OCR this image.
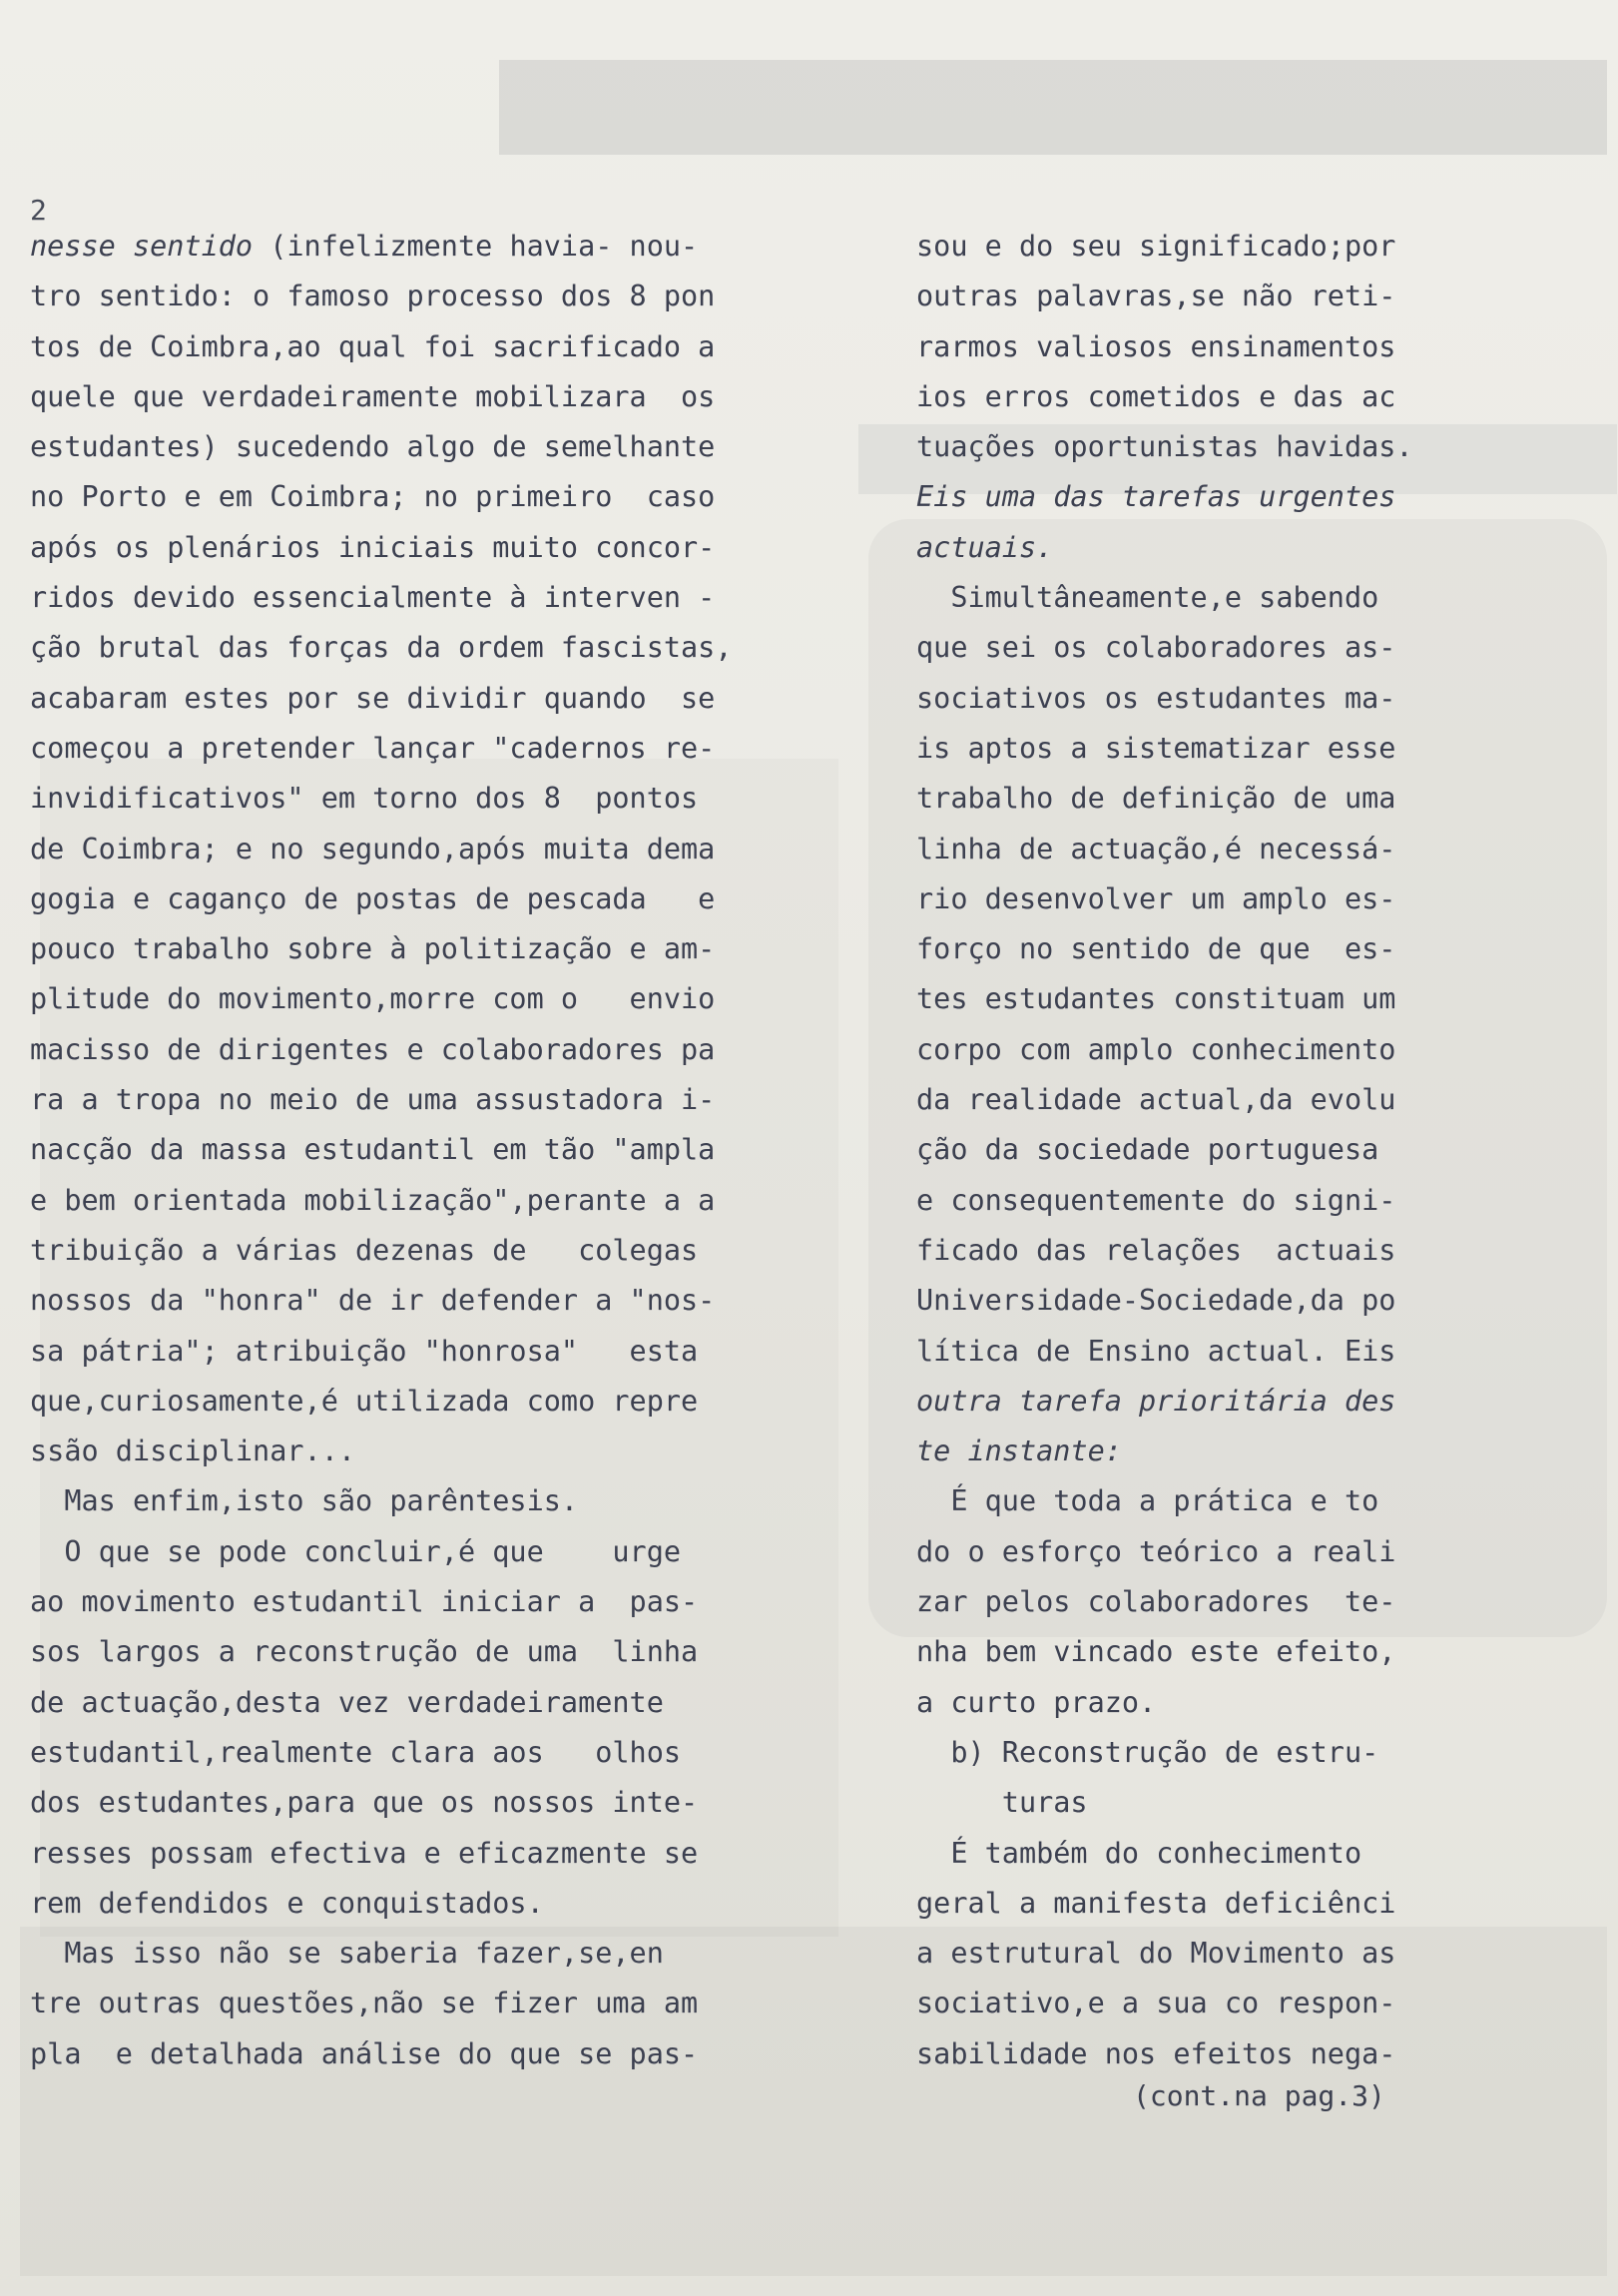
2
nesse sentido (infelizmente havia- nou-
tro sentido: o famoso processo dos 8 pon
tos de Coimbra,ao qual foi sacrificado a
quele que verdadeiramente mobilizara  os
estudantes) sucedendo algo de semelhante
no Porto e em Coimbra; no primeiro  caso
após os plenários iniciais muito concor-
ridos devido essencialmente à interven -
ção brutal das forças da ordem fascistas,
acabaram estes por se dividir quando  se
começou a pretender lançar "cadernos re-
invidificativos" em torno dos 8  pontos
de Coimbra; e no segundo,após muita dema
gogia e caganço de postas de pescada   e
pouco trabalho sobre à politização e am-
plitude do movimento,morre com o   envio
macisso de dirigentes e colaboradores pa
ra a tropa no meio de uma assustadora i-
nacção da massa estudantil em tão "ampla
e bem orientada mobilização",perante a a
tribuição a várias dezenas de   colegas
nossos da "honra" de ir defender a "nos-
sa pátria"; atribuição "honrosa"   esta
que,curiosamente,é utilizada como repre
ssão disciplinar...
Mas enfim,isto são parêntesis.
O que se pode concluir,é que    urge
ao movimento estudantil iniciar a  pas-
sos largos a reconstrução de uma  linha
de actuação,desta vez verdadeiramente
estudantil,realmente clara aos   olhos
dos estudantes,para que os nossos inte-
resses possam efectiva e eficazmente se
rem defendidos e conquistados.
Mas isso não se saberia fazer,se,en
tre outras questões,não se fizer uma am
pla  e detalhada análise do que se pas-
sou e do seu significado;por
outras palavras,se não reti-
rarmos valiosos ensinamentos
ios erros cometidos e das ac
tuações oportunistas havidas.
Eis uma das tarefas urgentes
actuais.
Simultâneamente,e sabendo
que sei os colaboradores as-
sociativos os estudantes ma-
is aptos a sistematizar esse
trabalho de definição de uma
linha de actuação,é necessá-
rio desenvolver um amplo es-
forço no sentido de que  es-
tes estudantes constituam um
corpo com amplo conhecimento
da realidade actual,da evolu
ção da sociedade portuguesa
e consequentemente do signi-
ficado das relações  actuais
Universidade-Sociedade,da po
lítica de Ensino actual. Eis
outra tarefa prioritária des
te instante:
É que toda a prática e to
do o esforço teórico a reali
zar pelos colaboradores  te-
nha bem vincado este efeito,
a curto prazo.
b) Reconstrução de estru-
turas
É também do conhecimento
geral a manifesta deficiênci
a estrutural do Movimento as
sociativo,e a sua co respon-
sabilidade nos efeitos nega-
(cont.na pag.3)
